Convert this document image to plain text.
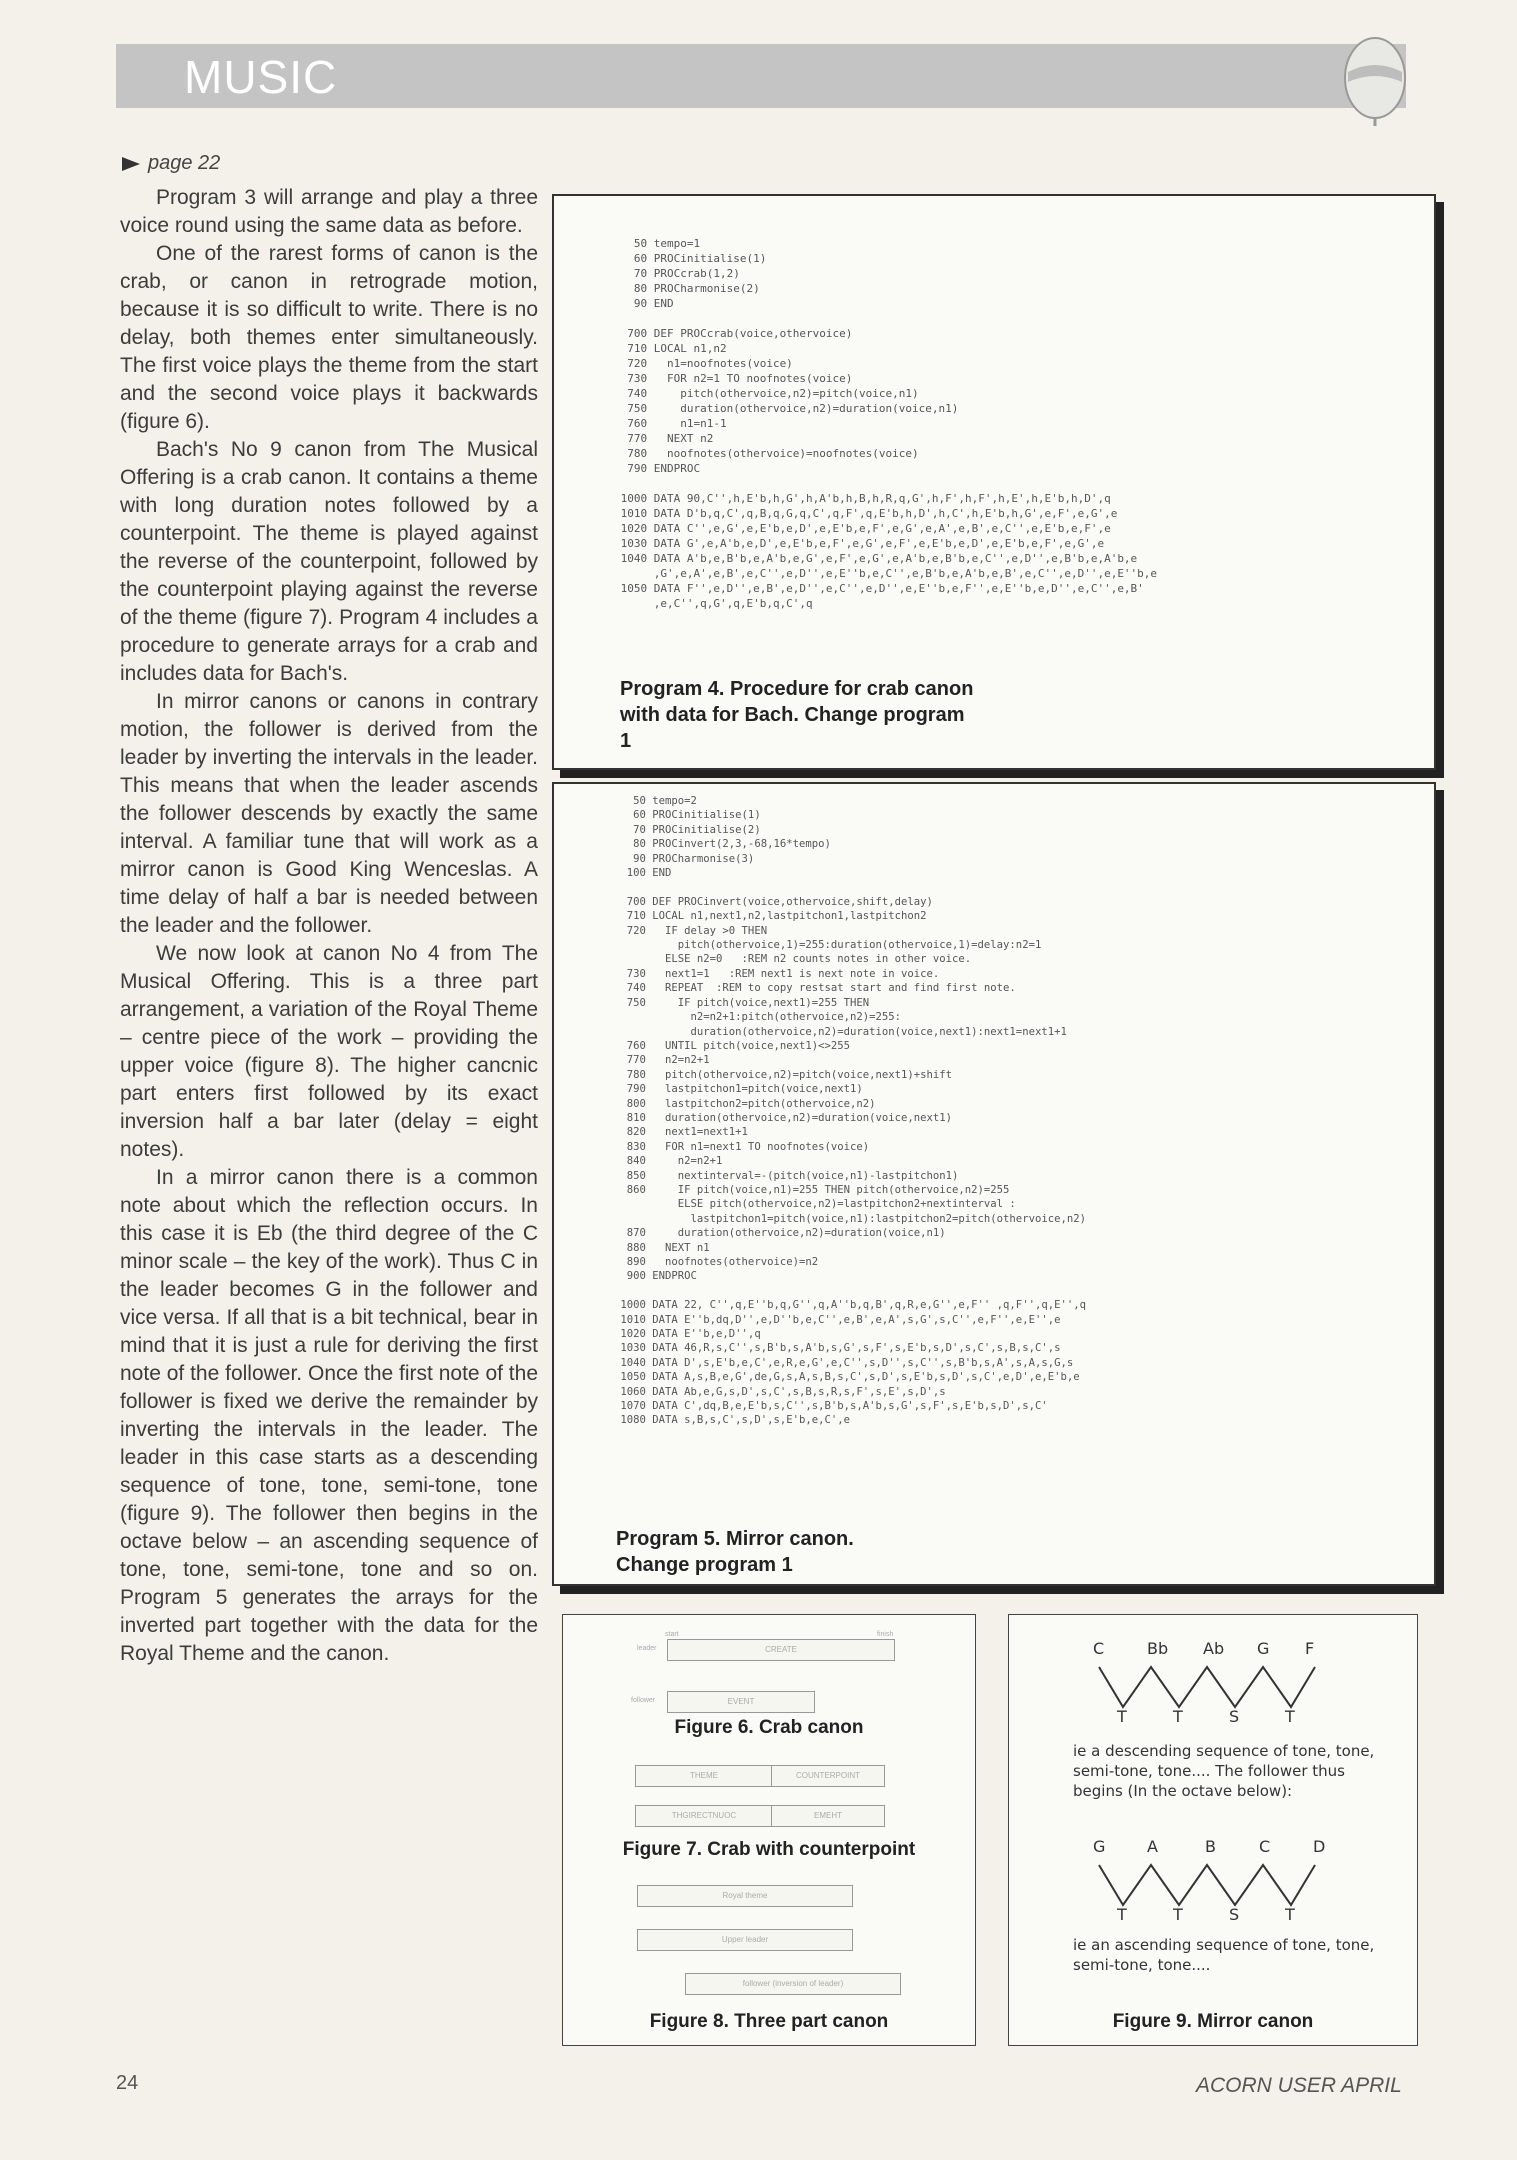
MUSIC
page 22

Program 3 will arrange and play a three voice round using the same data as before.

One of the rarest forms of canon is the crab, or canon in retrograde motion, because it is so difficult to write. There is no delay, both themes enter simultaneously. The first voice plays the theme from the start and the second voice plays it backwards (figure 6).

Bach's No 9 canon from The Musical Offering is a crab canon. It contains a theme with long duration notes followed by a counterpoint. The theme is played against the reverse of the counterpoint, followed by the counterpoint playing against the reverse of the theme (figure 7). Program 4 includes a procedure to generate arrays for a crab and includes data for Bach's.

In mirror canons or canons in contrary motion, the follower is derived from the leader by inverting the intervals in the leader. This means that when the leader ascends the follower descends by exactly the same interval. A familiar tune that will work as a mirror canon is Good King Wenceslas. A time delay of half a bar is needed between the leader and the follower.

We now look at canon No 4 from The Musical Offering. This is a three part arrangement, a variation of the Royal Theme – centre piece of the work – providing the upper voice (figure 8). The higher cancnic part enters first followed by its exact inversion half a bar later (delay = eight notes).

In a mirror canon there is a common note about which the reflection occurs. In this case it is Eb (the third degree of the C minor scale – the key of the work). Thus C in the leader becomes G in the follower and vice versa. If all that is a bit technical, bear in mind that it is just a rule for deriving the first note of the follower. Once the first note of the follower is fixed we derive the remainder by inverting the intervals in the leader. The leader in this case starts as a descending sequence of tone, tone, semi-tone, tone (figure 9). The follower then begins in the octave below – an ascending sequence of tone, tone, semi-tone, tone and so on. Program 5 generates the arrays for the inverted part together with the data for the Royal Theme and the canon.

50 tempo=1
60 PROCinitialise(1)
70 PROCcrab(1,2)
80 PROCharmonise(2)
90 END

700 DEF PROCcrab(voice,othervoice)
710 LOCAL n1,n2
720   n1=noofnotes(voice)
730   FOR n2=1 TO noofnotes(voice)
740     pitch(othervoice,n2)=pitch(voice,n1)
750     duration(othervoice,n2)=duration(voice,n1)
760     n1=n1-1
770   NEXT n2
780   noofnotes(othervoice)=noofnotes(voice)
790 ENDPROC

1000 DATA 90,C'',h,E'b,h,G',h,A'b,h,B,h,R,q,G',h,F',h,F',h,E',h,E'b,h,D',q
1010 DATA D'b,q,C',q,B,q,G,q,C',q,F',q,E'b,h,D',h,C',h,E'b,h,G',e,F',e,G',e
1020 DATA C'',e,G',e,E'b,e,D',e,E'b,e,F',e,G',e,A',e,B',e,C'',e,E'b,e,F',e
1030 DATA G',e,A'b,e,D',e,E'b,e,F',e,G',e,F',e,E'b,e,D',e,E'b,e,F',e,G',e
1040 DATA A'b,e,B'b,e,A'b,e,G',e,F',e,G',e,A'b,e,B'b,e,C'',e,D'',e,B'b,e,A'b,e
,G',e,A',e,B',e,C'',e,D'',e,E''b,e,C'',e,B'b,e,A'b,e,B',e,C'',e,D'',e,E''b,e
1050 DATA F'',e,D'',e,B',e,D'',e,C'',e,D'',e,E''b,e,F'',e,E''b,e,D'',e,C'',e,B'
,e,C'',q,G',q,E'b,q,C',q
Program 4. Procedure for crab canon with data for Bach. Change program 1
50 tempo=2
60 PROCinitialise(1)
70 PROCinitialise(2)
80 PROCinvert(2,3,-68,16*tempo)
90 PROCharmonise(3)
100 END

700 DEF PROCinvert(voice,othervoice,shift,delay)
710 LOCAL n1,next1,n2,lastpitchon1,lastpitchon2
720   IF delay >0 THEN
pitch(othervoice,1)=255:duration(othervoice,1)=delay:n2=1
ELSE n2=0   :REM n2 counts notes in other voice.
730   next1=1   :REM next1 is next note in voice.
740   REPEAT  :REM to copy restsat start and find first note.
750     IF pitch(voice,next1)=255 THEN
n2=n2+1:pitch(othervoice,n2)=255:
duration(othervoice,n2)=duration(voice,next1):next1=next1+1
760   UNTIL pitch(voice,next1)<>255
770   n2=n2+1
780   pitch(othervoice,n2)=pitch(voice,next1)+shift
790   lastpitchon1=pitch(voice,next1)
800   lastpitchon2=pitch(othervoice,n2)
810   duration(othervoice,n2)=duration(voice,next1)
820   next1=next1+1
830   FOR n1=next1 TO noofnotes(voice)
840     n2=n2+1
850     nextinterval=-(pitch(voice,n1)-lastpitchon1)
860     IF pitch(voice,n1)=255 THEN pitch(othervoice,n2)=255
ELSE pitch(othervoice,n2)=lastpitchon2+nextinterval :
lastpitchon1=pitch(voice,n1):lastpitchon2=pitch(othervoice,n2)
870     duration(othervoice,n2)=duration(voice,n1)
880   NEXT n1
890   noofnotes(othervoice)=n2
900 ENDPROC

1000 DATA 22, C'',q,E''b,q,G'',q,A''b,q,B',q,R,e,G'',e,F'' ,q,F'',q,E'',q
1010 DATA E''b,dq,D'',e,D''b,e,C'',e,B',e,A',s,G',s,C'',e,F'',e,E'',e
1020 DATA E''b,e,D'',q
1030 DATA 46,R,s,C'',s,B'b,s,A'b,s,G',s,F',s,E'b,s,D',s,C',s,B,s,C',s
1040 DATA D',s,E'b,e,C',e,R,e,G',e,C'',s,D'',s,C'',s,B'b,s,A',s,A,s,G,s
1050 DATA A,s,B,e,G',de,G,s,A,s,B,s,C',s,D',s,E'b,s,D',s,C',e,D',e,E'b,e
1060 DATA Ab,e,G,s,D',s,C',s,B,s,R,s,F',s,E',s,D',s
1070 DATA C',dq,B,e,E'b,s,C'',s,B'b,s,A'b,s,G',s,F',s,E'b,s,D',s,C'
1080 DATA s,B,s,C',s,D',s,E'b,e,C',e
Program 5. Mirror canon. Change program 1
start	finish
leader	CREATE
follower	EVENT
Figure 6. Crab canon
THEME	COUNTERPOINT
THGIRECTNUOC	EMEHT
Figure 7. Crab with counterpoint
Royal theme
Upper leader
follower (inversion of leader)
Figure 8. Three part canon
C	Bb Ab G F
T	T	S	T
ie a descending sequence of tone, tone, semi-tone, tone.... The follower thus begins (In the octave below):
G	A	B	C	D
T	T	S	T
ie an ascending sequence of tone, tone, semi-tone, tone....
Figure 9. Mirror canon
24	ACORN USER APRIL
